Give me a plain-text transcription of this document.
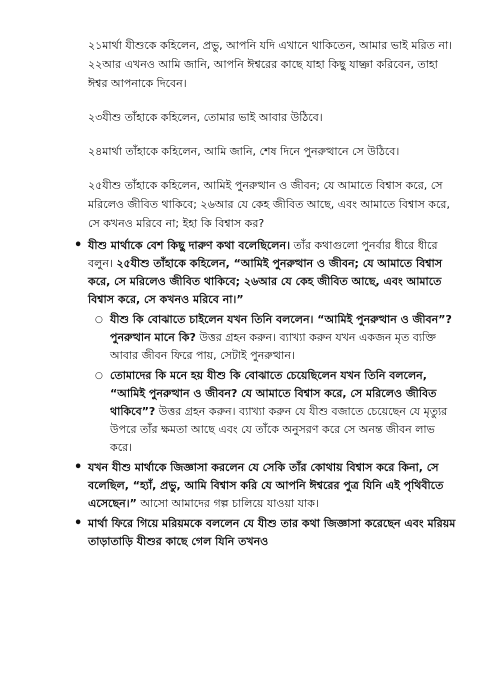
২১মার্থা যীশুকে কহিলেন, প্রভু, আপনি যদি এখানে থাকিতেন, আমার ভাই মরিত না। ২২আর এখনও আমি জানি, আপনি ঈশ্বরের কাছে যাহা কিছু যাচ্ঞা করিবেন, তাহা ঈশ্বর আপনাকে দিবেন।

২৩যীশু তাঁহাকে কহিলেন, তোমার ভাই আবার উঠিবে।

২৪মার্থা তাঁহাকে কহিলেন, আমি জানি, শেষ দিনে পুনরুত্থানে সে উঠিবে।

২৫যীশু তাঁহাকে কহিলেন, আমিই পুনরুত্থান ও জীবন; যে আমাতে বিশ্বাস করে, সে মরিলেও জীবিত থাকিবে; ২৬আর যে কেহ জীবিত আছে, এবং আমাতে বিশ্বাস করে, সে কখনও মরিবে না; ইহা কি বিশ্বাস কর?

• যীশু মার্থাকে বেশ কিছু দারুণ কথা বলেছিলেন। তাঁর কথাগুলো পুনর্বার ধীরে ধীরে বলুন। ২৫যীশু তাঁহাকে কহিলেন, “আমিই পুনরুত্থান ও জীবন; যে আমাতে বিশ্বাস করে, সে মরিলেও জীবিত থাকিবে; ২৬আর যে কেহ জীবিত আছে, এবং আমাতে বিশ্বাস করে, সে কখনও মরিবে না।”
○ যীশু কি বোঝাতে চাইলেন যখন তিনি বললেন। “আমিই পুনরুত্থান ও জীবন”? পুনরুত্থান মানে কি? উত্তর গ্রহন করুন। ব্যাখ্যা করুন যখন একজন মৃত ব্যক্তি আবার জীবন ফিরে পায়, সেটাই পুনরুত্থান।
○ তোমাদের কি মনে হয় যীশু কি বোঝাতে চেয়েছিলেন যখন তিনি বললেন, “আমিই পুনরুত্থান ও জীবন? যে আমাতে বিশ্বাস করে, সে মরিলেও জীবিত থাকিবে”? উত্তর গ্রহন করুন। ব্যাখ্যা করুন যে যীশু বজাতে চেয়েছেন যে মৃত্যুর উপরে তাঁর ক্ষমতা আছে এবং যে তাঁকে অনুসরণ করে সে অনন্ত জীবন লাভ করে।
• যখন যীশু মার্থাকে জিজ্ঞাসা করলেন যে সেকি তাঁর কোথায় বিশ্বাস করে কিনা, সে বলেছিল, “হ্যাঁ, প্রভু, আমি বিশ্বাস করি যে আপনি ঈশ্বরের পুত্র যিনি এই পৃথিবীতে এসেছেন।” আসো আমাদের গল্প চালিয়ে যাওয়া যাক।
• মার্থা ফিরে গিয়ে মরিয়মকে বললেন যে যীশু তার কথা জিজ্ঞাসা করেছেন এবং মরিয়ম তাড়াতাড়ি যীশুর কাছে গেল যিনি তখনও
